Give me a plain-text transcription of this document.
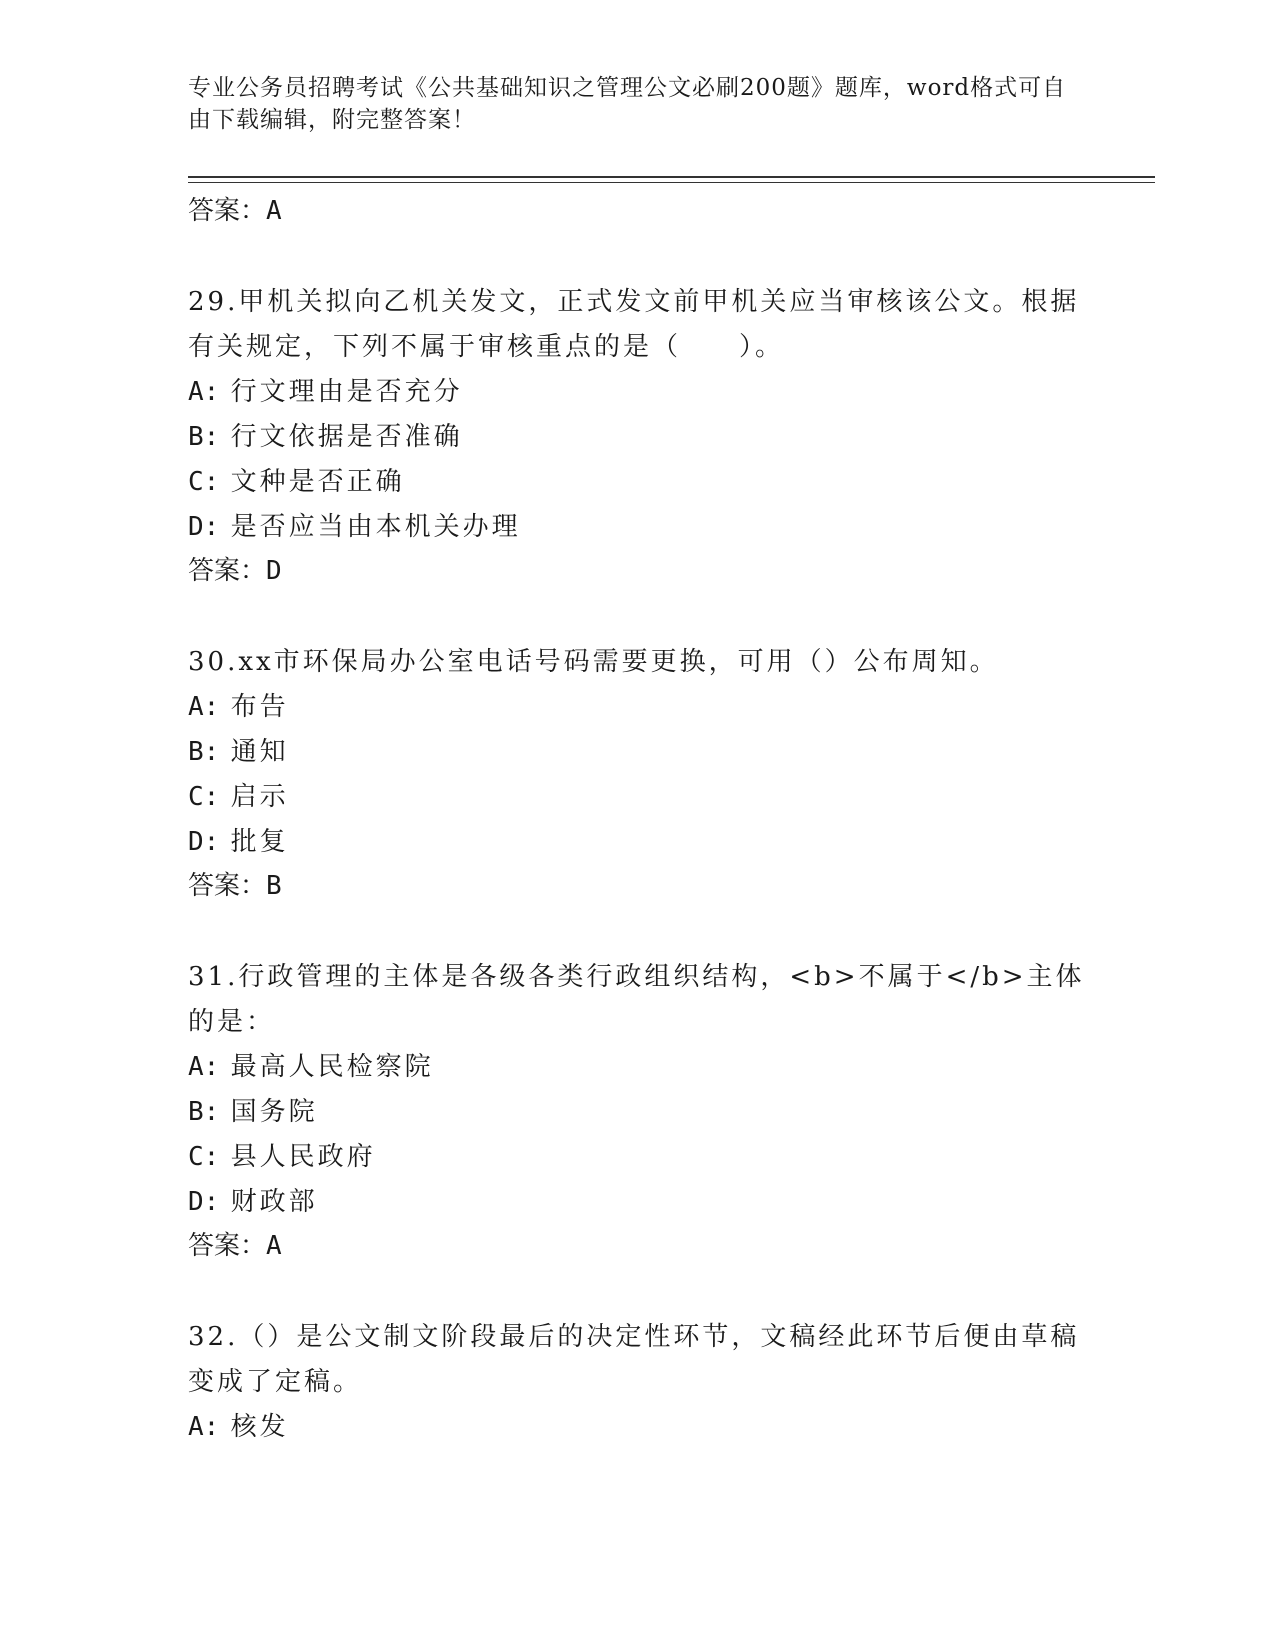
专业公务员招聘考试《公共基础知识之管理公文必刷200题》题库，word格式可自由下载编辑，附完整答案！
答案：A

29.甲机关拟向乙机关发文，正式发文前甲机关应当审核该公文。根据有关规定，下列不属于审核重点的是（　　）。

A: 行文理由是否充分

B: 行文依据是否准确

C: 文种是否正确

D: 是否应当由本机关办理

答案：D

30.xx市环保局办公室电话号码需要更换，可用（）公布周知。

A: 布告

B: 通知

C: 启示

D: 批复

答案：B

31.行政管理的主体是各级各类行政组织结构，<b>不属于</b>主体的是：

A: 最高人民检察院

B: 国务院

C: 县人民政府

D: 财政部

答案：A

32.（）是公文制文阶段最后的决定性环节，文稿经此环节后便由草稿变成了定稿。

A: 核发
